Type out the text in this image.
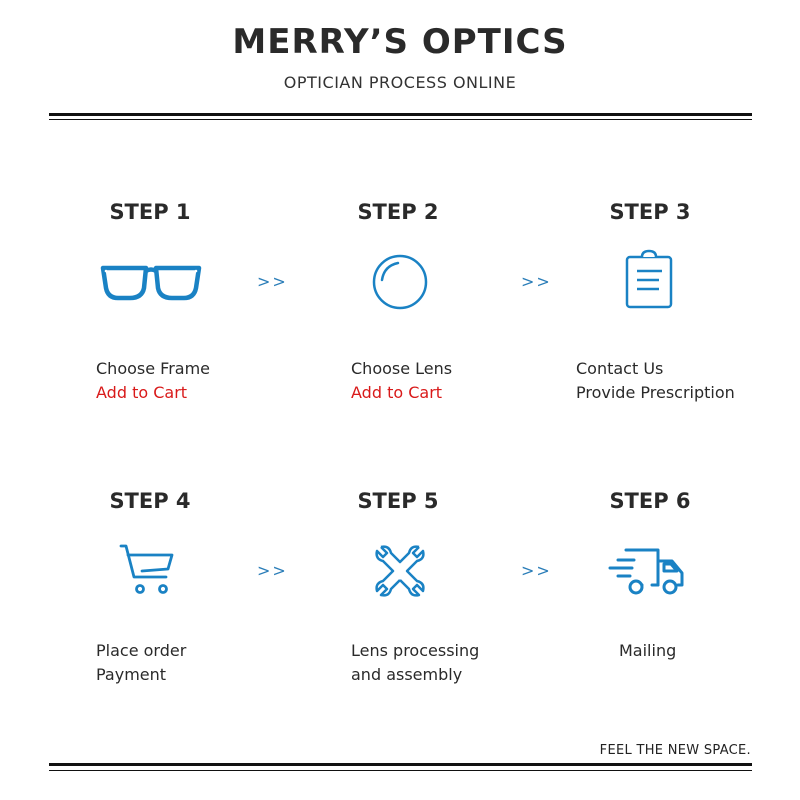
MERRY’S OPTICS
OPTICIAN PROCESS ONLINE
STEP 1	STEP 2	STEP 3
>>	>>
Choose Frame
Add to Cart
Choose Lens
Add to Cart
Contact Us
Provide Prescription
STEP 4	STEP 5	STEP 6
>>	>>
Place order
Payment
Lens processing
and assembly
Mailing
FEEL THE NEW SPACE.
